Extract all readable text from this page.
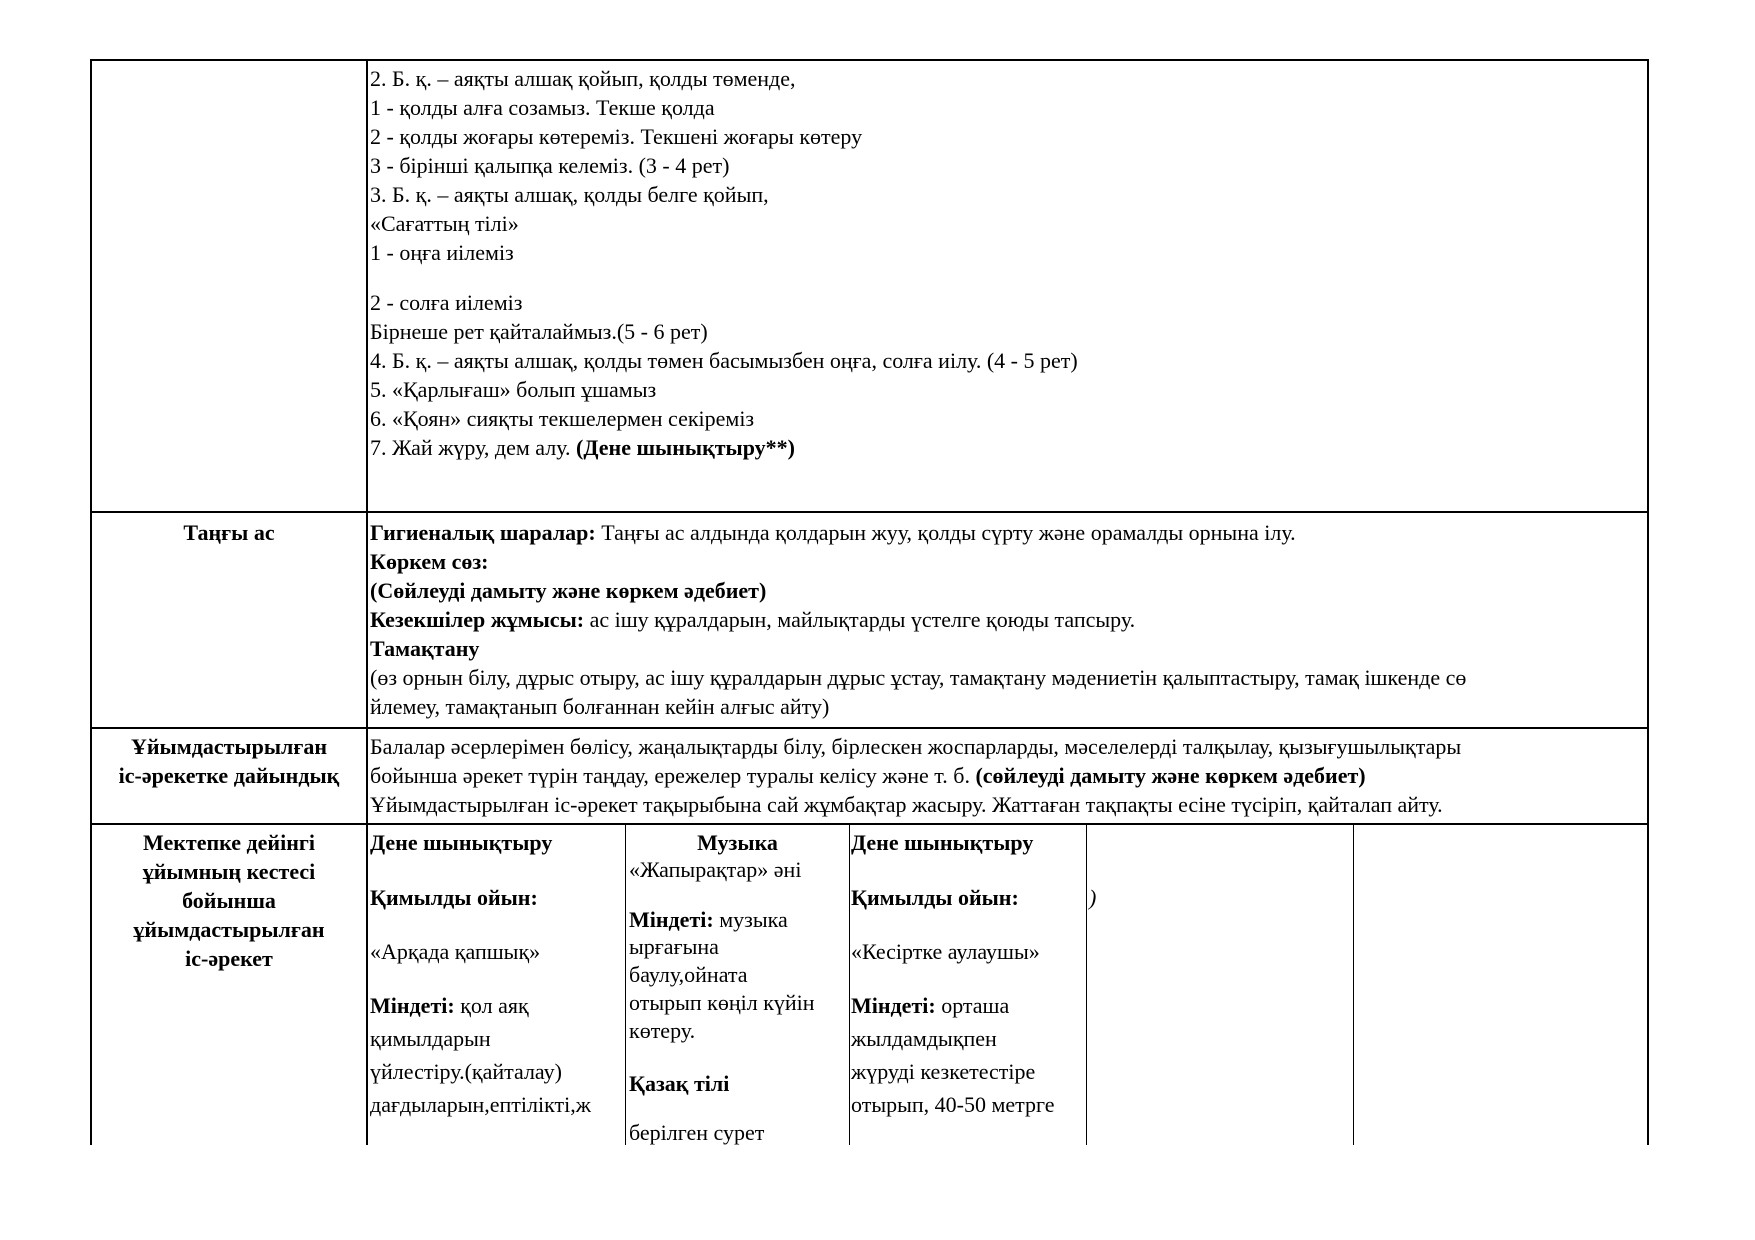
2. Б. қ. – аяқты алшақ қойып, қолды төменде,
1 - қолды алға созамыз. Текше қолда
2 - қолды жоғары көтереміз. Текшені жоғары көтеру
3 - бірінші қалыпқа келеміз. (3 - 4 рет)
3. Б. қ. – аяқты алшақ, қолды белге қойып,
«Сағаттың тілі»
1 - оңға иілеміз
2 - солға иілеміз
Бірнеше рет қайталаймыз.(5 - 6 рет)
4. Б. қ. – аяқты алшақ, қолды төмен басымызбен оңға, солға иілу. (4 - 5 рет)
5. «Қарлығаш» болып ұшамыз
6. «Қоян» сияқты текшелермен секіреміз
7. Жай жүру, дем алу. (Дене шынықтыру**)
Таңғы ас	Гигиеналық шаралар: Таңғы ас алдында қолдарын жуу, қолды сүрту және орамалды орнына ілу.
Көркем сөз:
(Сөйлеуді дамыту және көркем әдебиет)
Кезекшілер жұмысы: ас ішу құралдарын, майлықтарды үстелге қоюды тапсыру.
Тамақтану
(өз орнын білу, дұрыс отыру, ас ішу құралдарын дұрыс ұстау, тамақтану мәдениетін қалыптастыру, тамақ ішкенде сө
йлемеу, тамақтанып болғаннан кейін алғыс айту)
Ұйымдастырылған
іс-әрекетке дайындық
Балалар әсерлерімен бөлісу, жаңалықтарды білу, бірлескен жоспарларды, мәселелерді талқылау, қызығушылықтары
бойынша әрекет түрін таңдау, ережелер туралы келісу және т. б. (сөйлеуді дамыту және көркем әдебиет)
Ұйымдастырылған іс-әрекет тақырыбына сай жұмбақтар жасыру. Жаттаған тақпақты есіне түсіріп, қайталап айту.
Мектепке дейінгі
ұйымның кестесі
бойынша
ұйымдастырылған
іс-әрекет
Дене шынықтыру
Қимылды ойын:
«Арқада қапшық»
Міндеті: қол аяқ
қимылдарын
үйлестіру.(қайталау)
дағдыларын,ептілікті,ж
Музыка
«Жапырақтар» әні
Міндеті: музыка
ырғағына
баулу,ойната
отырып көңіл күйін
көтеру.
Қазақ тілі
берілген сурет
Дене шынықтыру
Қимылды ойын:
«Кесіртке аулаушы»
Міндеті: орташа
жылдамдықпен
жүруді кезкетестіре
отырып, 40-50 метрге
)
